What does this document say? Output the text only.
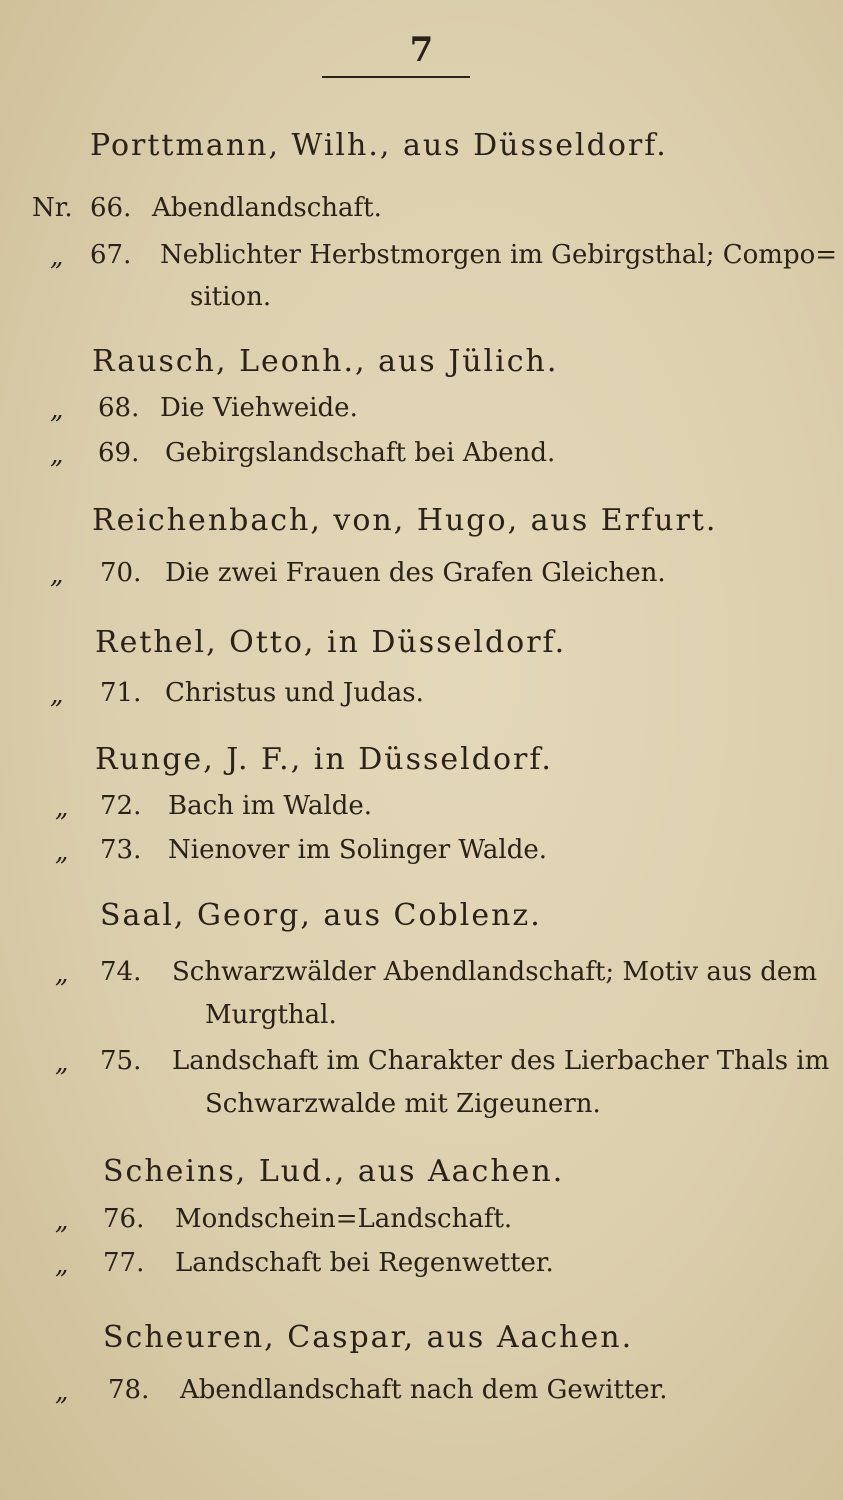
7
Porttmann, Wilh., aus Düsseldorf.
Nr. 66. Abendlandschaft.
„ 67. Neblichter Herbstmorgen im Gebirgsthal; Compo=
sition.
Rausch, Leonh., aus Jülich.
„ 68. Die Viehweide.
„ 69. Gebirgslandschaft bei Abend.
Reichenbach, von, Hugo, aus Erfurt.
„ 70. Die zwei Frauen des Grafen Gleichen.
Rethel, Otto, in Düsseldorf.
„ 71. Christus und Judas.
Runge, J. F., in Düsseldorf.
„ 72. Bach im Walde.
„ 73. Nienover im Solinger Walde.
Saal, Georg, aus Coblenz.
„ 74. Schwarzwälder Abendlandschaft; Motiv aus dem
Murgthal.
„ 75. Landschaft im Charakter des Lierbacher Thals im
Schwarzwalde mit Zigeunern.
Scheins, Lud., aus Aachen.
„ 76. Mondschein=Landschaft.
„ 77. Landschaft bei Regenwetter.
Scheuren, Caspar, aus Aachen.
„ 78. Abendlandschaft nach dem Gewitter.
